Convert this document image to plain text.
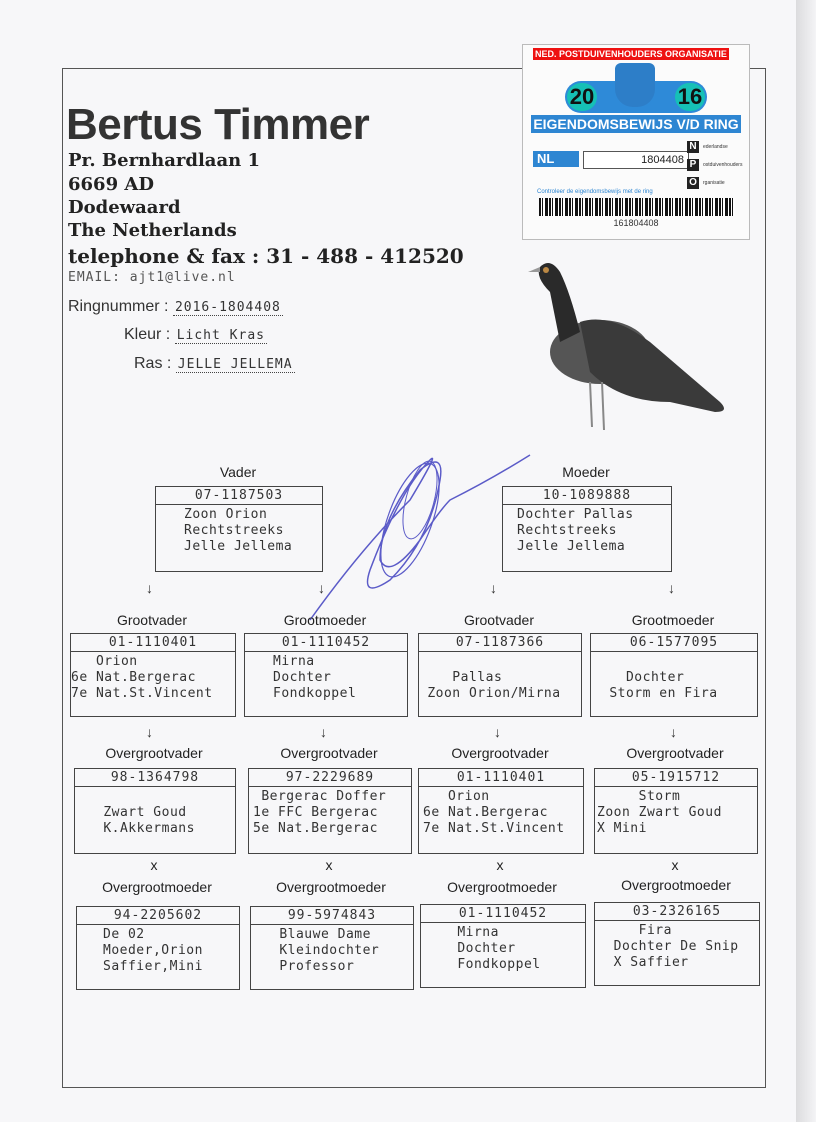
Bertus Timmer
Pr. Bernhardlaan 1
6669 AD
Dodewaard
The Netherlands
telephone & fax : 31 - 488 - 412520
EMAIL: ajt1@live.nl
Ringnummer : 2016-1804408
Kleur : Licht Kras
Ras : JELLE JELLEMA
NED. POSTDUIVENHOUDERS ORGANISATIE
20	16
EIGENDOMSBEWIJS V/D RING
NL	1804408
N	ederlandse
P	ostduivenhouders
O	rganisatie
Controleer de eigendomsbewijs met de ring
161804408
Vader	Moeder
07-1187503
Zoon Orion
Rechtstreeks
Jelle Jellema
10-1089888
Dochter Pallas
Rechtstreeks
Jelle Jellema
↓	↓	↓	↓
Grootvader	Grootmoeder	Grootvader	Grootmoeder
01-1110401
Orion
6e Nat.Bergerac
7e Nat.St.Vincent
01-1110452
Mirna
Dochter
Fondkoppel
07-1187366

Pallas
Zoon Orion/Mirna
06-1577095

Dochter
Storm en Fira
↓	↓	↓	↓
Overgrootvader	Overgrootvader	Overgrootvader	Overgrootvader
98-1364798

Zwart Goud
K.Akkermans
97-2229689
Bergerac Doffer
1e FFC Bergerac
5e Nat.Bergerac
01-1110401
Orion
6e Nat.Bergerac
7e Nat.St.Vincent
05-1915712
Storm
Zoon Zwart Goud
X Mini
x	x	x	x
Overgrootmoeder	Overgrootmoeder	Overgrootmoeder	Overgrootmoeder
94-2205602
De 02
Moeder,Orion
Saffier,Mini
99-5974843
Blauwe Dame
Kleindochter
Professor
01-1110452
Mirna
Dochter
Fondkoppel
03-2326165
Fira
Dochter De Snip
X Saffier
